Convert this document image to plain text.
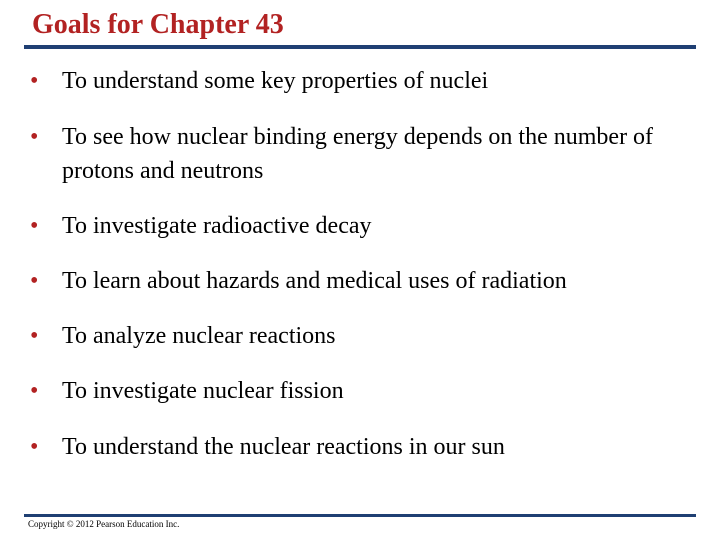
Goals for Chapter 43
• To understand some key properties of nuclei
• To see how nuclear binding energy depends on the number of protons and neutrons
• To investigate radioactive decay
• To learn about hazards and medical uses of radiation
• To analyze nuclear reactions
• To investigate nuclear fission
• To understand the nuclear reactions in our sun
Copyright © 2012 Pearson Education Inc.
